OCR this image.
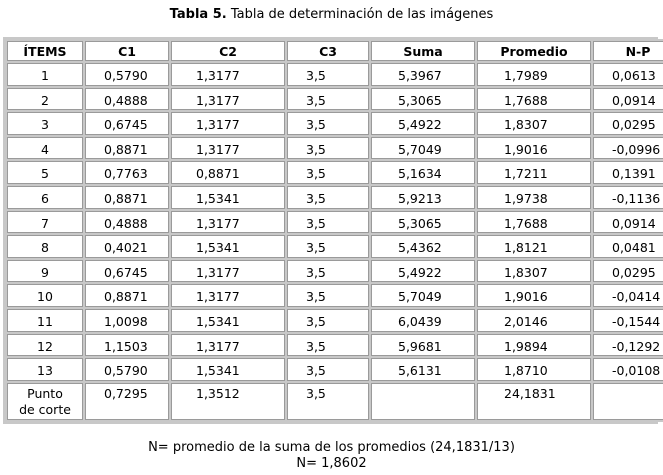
Tabla 5. Tabla de determinación de las imágenes
ÍTEMS	C1	C2	C3	Suma	Promedio	N-P
1	0,5790	1,3177	3,5	5,3967	1,7989	0,0613
2	0,4888	1,3177	3,5	5,3065	1,7688	0,0914
3	0,6745	1,3177	3,5	5,4922	1,8307	0,0295
4	0,8871	1,3177	3,5	5,7049	1,9016	-0,0996
5	0,7763	0,8871	3,5	5,1634	1,7211	0,1391
6	0,8871	1,5341	3,5	5,9213	1,9738	-0,1136
7	0,4888	1,3177	3,5	5,3065	1,7688	0,0914
8	0,4021	1,5341	3,5	5,4362	1,8121	0,0481
9	0,6745	1,3177	3,5	5,4922	1,8307	0,0295
10	0,8871	1,3177	3,5	5,7049	1,9016	-0,0414
11	1,0098	1,5341	3,5	6,0439	2,0146	-0,1544
12	1,1503	1,3177	3,5	5,9681	1,9894	-0,1292
13	0,5790	1,5341	3,5	5,6131	1,8710	-0,0108

Punto
de corte	0,7295	1,3512	3,5		24,1831	
N= promedio de la suma de los promedios (24,1831/13)
N= 1,8602
